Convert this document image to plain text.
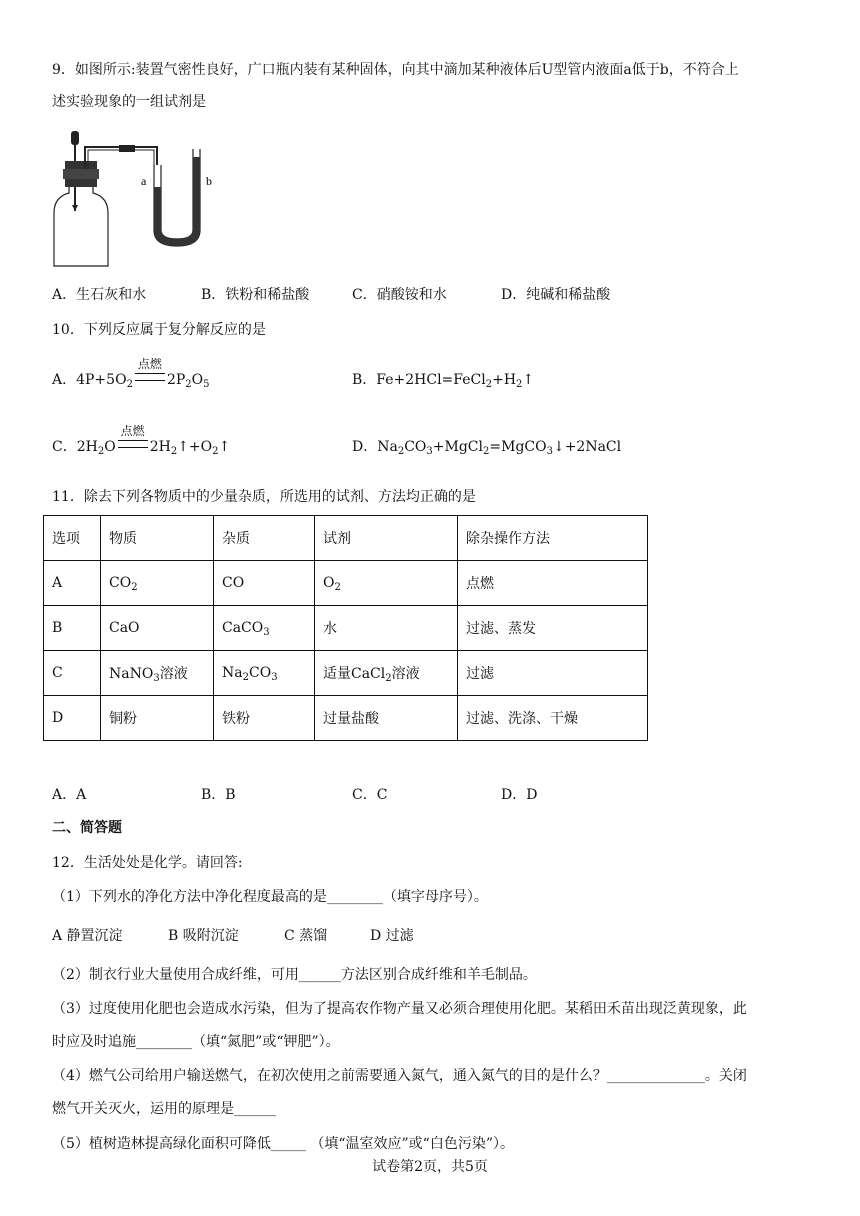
9．如图所示:装置气密性良好，广口瓶内装有某种固体，向其中滴加某种液体后U型管内液面a低于b，不符合上
述实验现象的一组试剂是
a	b
A．生石灰和水	B．铁粉和稀盐酸	C．硝酸铵和水	D．纯碱和稀盐酸
10．下列反应属于复分解反应的是
A．$4P+5O_2$
点燃
$2P_2O_5$	B．$Fe+2HCl=FeCl_2+H_2↑$
C．$2H_2O$
点燃
$2H_2↑+O_2↑$	D．$Na_2CO_3+MgCl_2=MgCO_3↓+2NaCl$
11．除去下列各物质中的少量杂质，所选用的试剂、方法均正确的是
选项	物质	杂质	试剂	除杂操作方法
A	$CO_2$	CO	$O_2$	点燃
B	CaO	CaCO$_3$	水	过滤、蒸发
C	NaNO$_3$溶液	$Na_2CO_3$	适量CaCl$_2$溶液	过滤
D	铜粉	铁粉	过量盐酸	过滤、洗涤、干燥
A．A	B．B	C．C	D．D
二、简答题
12．生活处处是化学。请回答:
（1）下列水的净化方法中净化程度最高的是________（填字母序号）。
A 静置沉淀	B 吸附沉淀	C 蒸馏	D 过滤
（2）制衣行业大量使用合成纤维，可用______方法区别合成纤维和羊毛制品。
（3）过度使用化肥也会造成水污染，但为了提高农作物产量又必须合理使用化肥。某稻田禾苗出现泛黄现象，此
时应及时追施________（填“氮肥”或“钾肥”）。
（4）燃气公司给用户输送燃气，在初次使用之前需要通入氮气，通入氮气的目的是什么？______________。关闭
燃气开关灭火，运用的原理是______
（5）植树造林提高绿化面积可降低_____ （填“温室效应”或“白色污染”）。
试卷第2页，共5页
